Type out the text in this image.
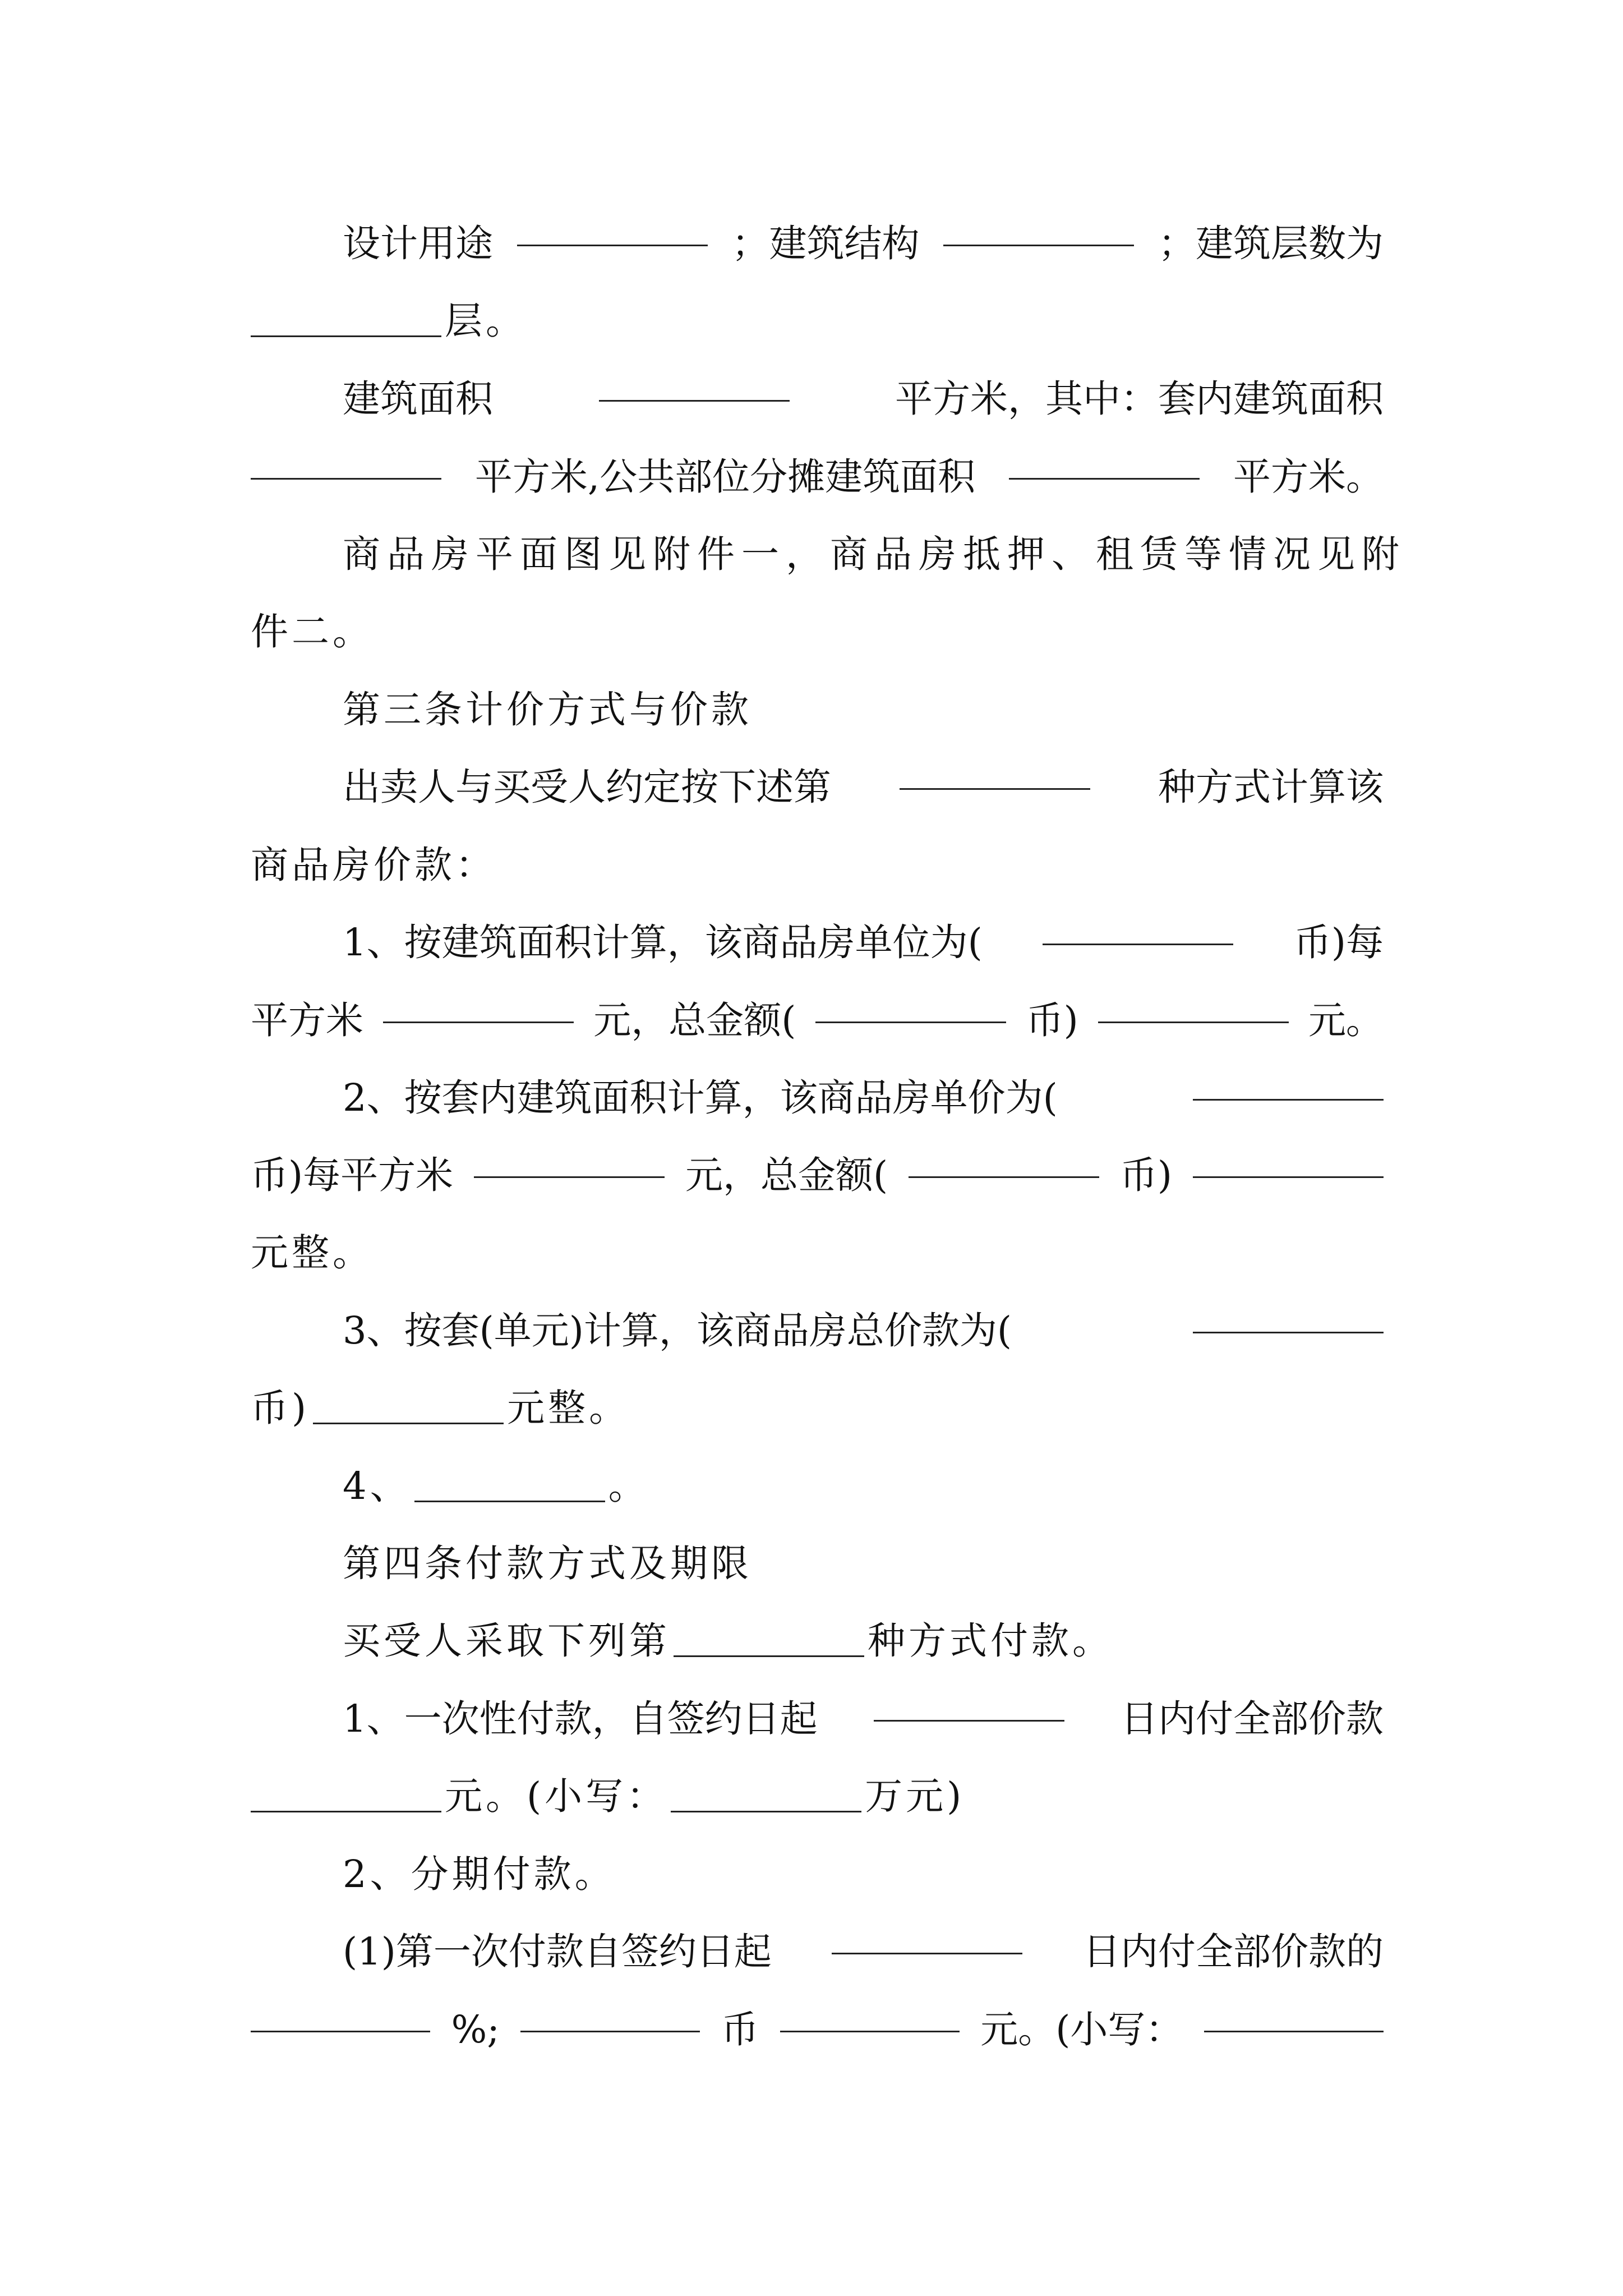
设计用途	；建筑结构	；建筑层数为
层。
建筑面积	平方米，其中：套内建筑面积
平方米,公共部位分摊建筑面积	平方米。
商品房平面图见附件一，商品房抵押、租赁等情况见附
件二。
第三条计价方式与价款
出卖人与买受人约定按下述第	种方式计算该
商品房价款：
1、按建筑面积计算，该商品房单位为(	币)每
平方米	元，总金额(	币)	元。
2、按套内建筑面积计算，该商品房单价为(
币)每平方米	元，总金额(	币)
元整。
3、按套(单元)计算，该商品房总价款为(
币)	元整。
4、	。
第四条付款方式及期限
买受人采取下列第	种方式付款。
1、一次性付款，自签约日起	日内付全部价款
元。(小写：	万元)
2、分期付款。
(1)第一次付款自签约日起	日内付全部价款的
%;	币	元。(小写：
